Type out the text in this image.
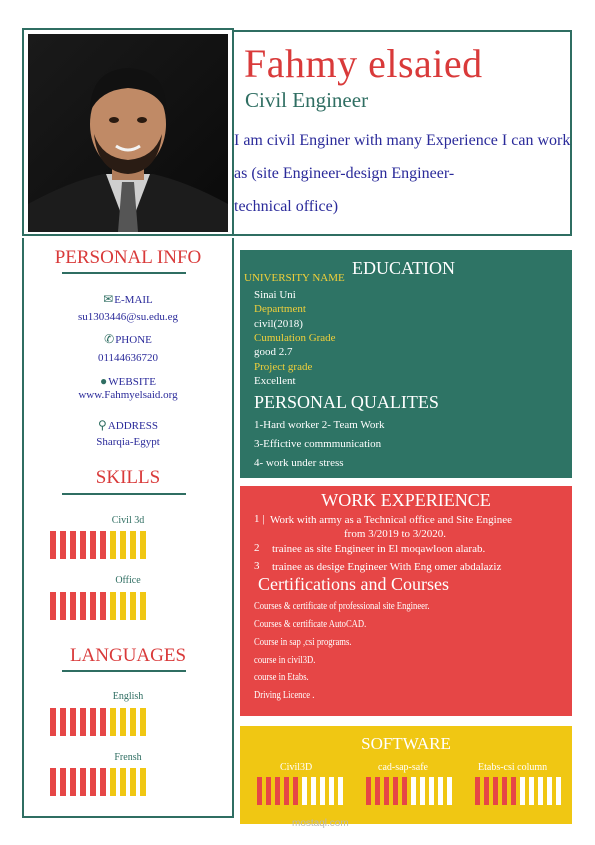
Fahmy elsaied
Civil Engineer
I am civil Enginer with many Experience I can work
as (site Engineer-design Engineer-
technical office)
PERSONAL INFO
✉E-MAIL
su1303446@su.edu.eg
✆PHONE
01144636720
●WEBSITE
www.Fahmyelsaid.org
⚲ADDRESS
Sharqia-Egypt
SKILLS
Civil 3d
Office
LANGUAGES
English
Frensh
EDUCATION
UNIVERSITY NAME
Sinai Uni
Department
civil(2018)
Cumulation Grade
good 2.7
Project grade
Excellent
PERSONAL QUALITES
1-Hard worker 2- Team Work
3-Effictive commmunication
4- work under stress
WORK EXPERIENCE
1 | Work with army as a Technical office and Site Enginee
from 3/2019 to 3/2020.
2 trainee as site Engineer in El moqawloon alarab.
3 trainee as desige Engineer With Eng omer abdalaziz
Certifications and Courses
Courses & certificate of professional site Engineer.
Courses & certificate AutoCAD.
Course in sap ,csi programs.
course in civil3D.
course in Etabs.
Driving Licence .
SOFTWARE
Civil3D	cad-sap-safe	Etabs-csi column
mostaql.com
